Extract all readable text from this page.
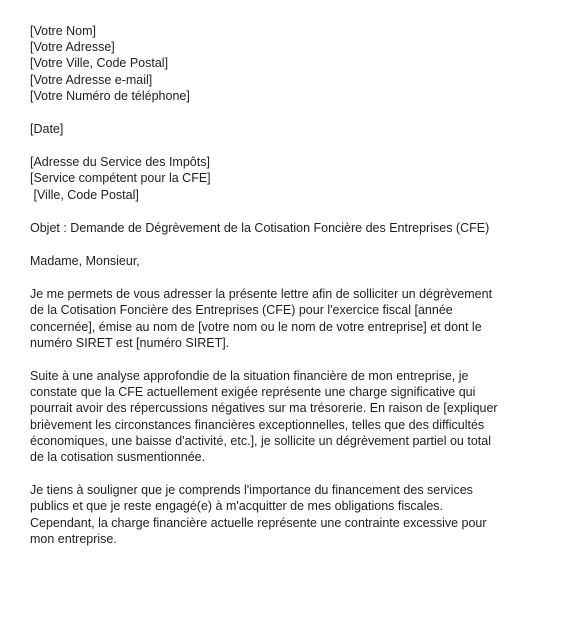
[Votre Nom]
[Votre Adresse]
[Votre Ville, Code Postal]
[Votre Adresse e-mail]
[Votre Numéro de téléphone]
[Date]
[Adresse du Service des Impôts]
[Service compétent pour la CFE]
[Ville, Code Postal]
Objet : Demande de Dégrèvement de la Cotisation Foncière des Entreprises (CFE)
Madame, Monsieur,
Je me permets de vous adresser la présente lettre afin de solliciter un dégrèvement
de la Cotisation Foncière des Entreprises (CFE) pour l'exercice fiscal [année
concernée], émise au nom de [votre nom ou le nom de votre entreprise] et dont le
numéro SIRET est [numéro SIRET].
Suite à une analyse approfondie de la situation financière de mon entreprise, je
constate que la CFE actuellement exigée représente une charge significative qui
pourrait avoir des répercussions négatives sur ma trésorerie. En raison de [expliquer
brièvement les circonstances financières exceptionnelles, telles que des difficultés
économiques, une baisse d'activité, etc.], je sollicite un dégrèvement partiel ou total
de la cotisation susmentionnée.
Je tiens à souligner que je comprends l'importance du financement des services
publics et que je reste engagé(e) à m'acquitter de mes obligations fiscales.
Cependant, la charge financière actuelle représente une contrainte excessive pour
mon entreprise.
